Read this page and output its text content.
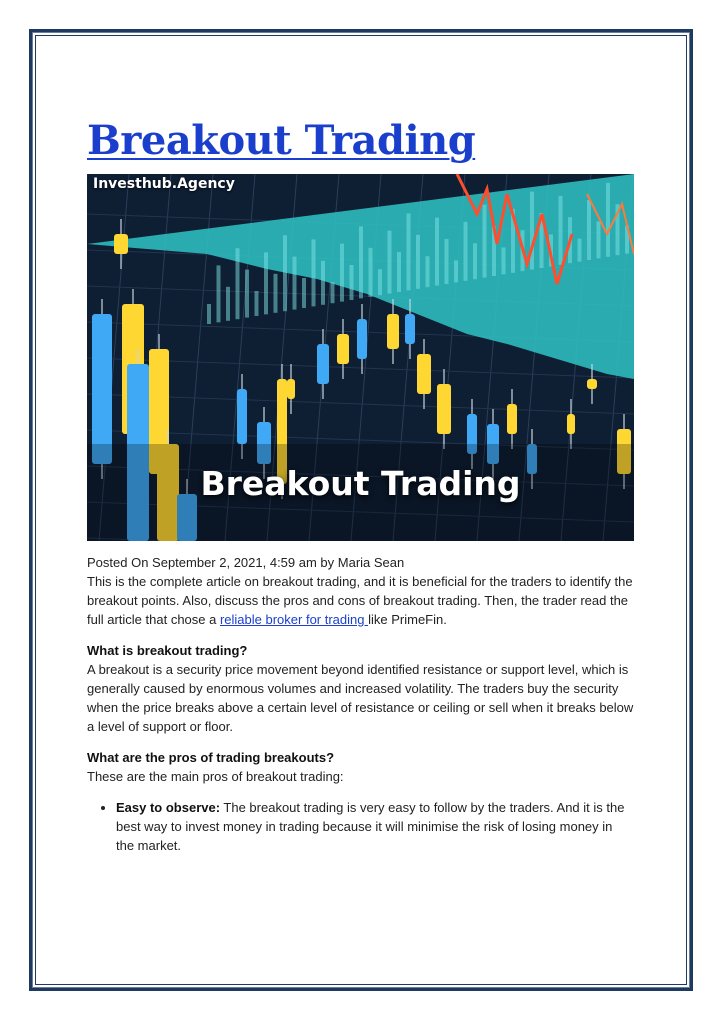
Breakout Trading
Investhub.Agency
Breakout Trading
Posted On September 2, 2021, 4:59 am by Maria Sean

This is the complete article on breakout trading, and it is beneficial for the traders to identify the breakout points. Also, discuss the pros and cons of breakout trading. Then, the trader read the full article that chose a reliable broker for trading like PrimeFin.

What is breakout trading?

A breakout is a security price movement beyond identified resistance or support level, which is generally caused by enormous volumes and increased volatility. The traders buy the security when the price breaks above a certain level of resistance or ceiling or sell when it breaks below a level of support or floor.

What are the pros of trading breakouts?

These are the main pros of breakout trading:

• Easy to observe: The breakout trading is very easy to follow by the traders. And it is the best way to invest money in trading because it will minimise the risk of losing money in the market.
